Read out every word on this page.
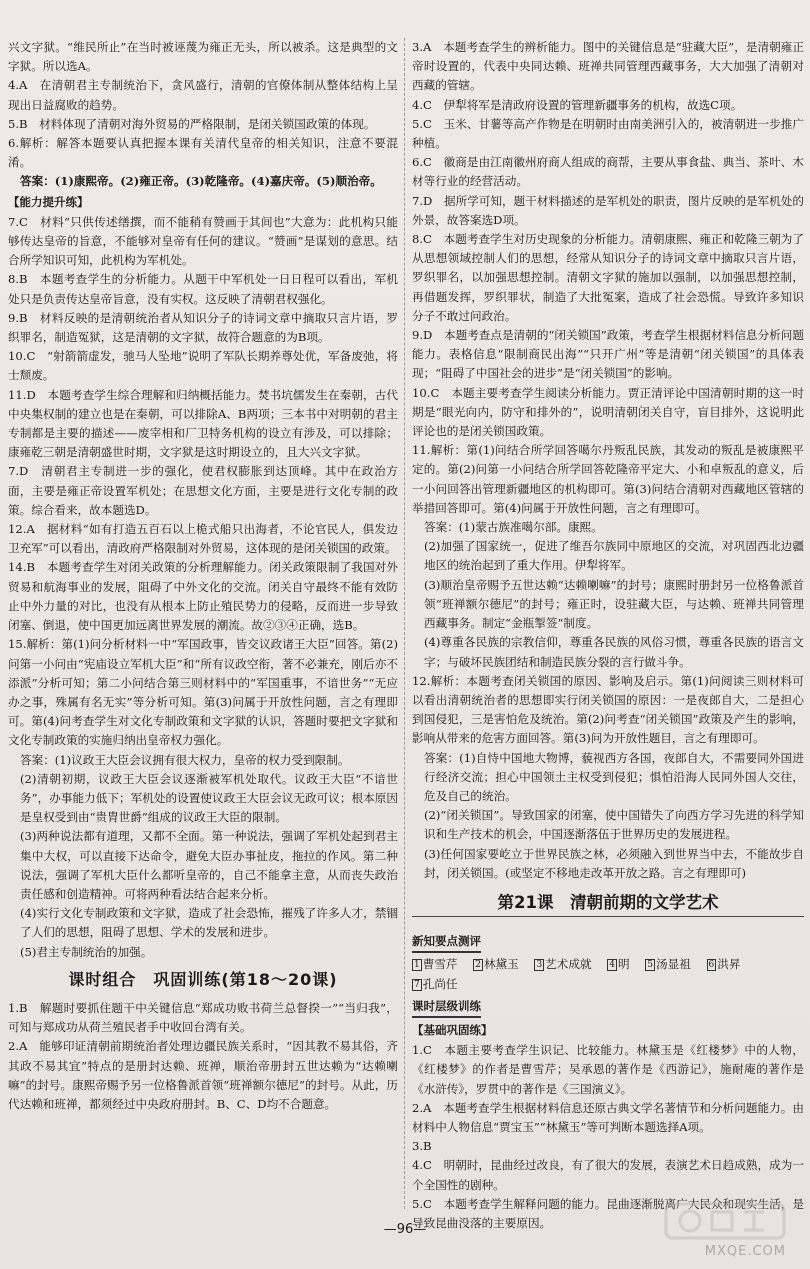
兴文字狱。“维民所止”在当时被诬蔑为雍正无头，所以被杀。这是典型的文字狱。所以选A。

4.A　在清朝君主专制统治下，贪风盛行，清朝的官僚体制从整体结构上呈现出日益腐败的趋势。

5.B　材料体现了清朝对海外贸易的严格限制，是闭关锁国政策的体现。

6.解析：解答本题要认真把握本课有关清代皇帝的相关知识，注意不要混淆。

答案：(1)康熙帝。(2)雍正帝。(3)乾隆帝。(4)嘉庆帝。(5)顺治帝。

【能力提升练】

7.C　材料“只供传述缮撰，而不能稍有赞画于其间也”大意为：此机构只能够传达皇帝的旨意，不能够对皇帝有任何的建议。“赞画”是谋划的意思。结合所学知识可知，此机构为军机处。

8.B　本题考查学生的分析能力。从题干中军机处一日日程可以看出，军机处只是负责传达皇帝旨意，没有实权。这反映了清朝君权强化。

9.B　材料反映的是清朝统治者从知识分子的诗词文章中摘取只言片语，罗织罪名，制造冤狱，这是清朝的文字狱，故符合题意的为B项。

10.C　“射箭箭虚发，驰马人坠地”说明了军队长期养尊处优，军备废弛，将士颓废。

11.D　本题考查学生综合理解和归纳概括能力。焚书坑儒发生在秦朝，古代中央集权制的建立也是在秦朝，可以排除A、B两项；三本书中对明朝的君主专制都是主要的描述——废宰相和厂卫特务机构的设立有涉及，可以排除；康雍乾三朝是清朝盛世时期，文字狱是这时期设立的，且大兴文字狱。

7.D　清朝君主专制进一步的强化，使君权膨胀到达顶峰。其中在政治方面，主要是雍正帝设置军机处；在思想文化方面，主要是进行文化专制的政策。综合看来，故本题选D。

12.A　据材料“如有打造五百石以上桅式船只出海者，不论官民人，俱发边卫充军”可以看出，清政府严格限制对外贸易，这体现的是闭关锁国的政策。

14.B　本题考查学生对闭关政策的分析理解能力。闭关政策限制了我国对外贸易和航海事业的发展，阻碍了中外文化的交流。闭关自守最终不能有效防止中外力量的对比，也没有从根本上防止殖民势力的侵略，反而进一步导致闭塞、倒退，使中国更加远离世界发展的潮流。故②③④正确，选B。

15.解析：第(1)问分析材料一中“军国政事，皆交议政诸王大臣”回答。第(2)问第一小问由“宪庙设立军机大臣”和“所有议政空衔，著不必兼充，刚后亦不添派”分析可知；第二小问结合第三则材料中的“军国重事，不谙世务”“无应办之事，殊属有名无实”等分析可知。第(3)问属于开放性问题，言之有理即可。第(4)问考查学生对文化专制政策和文字狱的认识，答题时要把文字狱和文化专制政策的实施归纳出皇帝权力强化。

答案：(1)议政王大臣会议拥有很大权力，皇帝的权力受到限制。

(2)清朝初期，议政王大臣会议逐渐被军机处取代。议政王大臣“不谙世务”，办事能力低下；军机处的设置使议政王大臣会议无政可议；根本原因是皇权受到由“贵胄世爵”组成的议政王大臣的限制。

(3)两种说法都有道理，又都不全面。第一种说法，强调了军机处起到君主集中大权，可以直接下达命令，避免大臣办事扯皮，拖拉的作风。第二种说法，强调了军机大臣什么都听皇帝的，自己不能拿主意，从而丧失政治责任感和创造精神。可将两种看法结合起来分析。

(4)实行文化专制政策和文字狱，造成了社会恐怖，摧残了许多人才，禁锢了人们的思想，阻碍了思想、学术的发展和进步。

(5)君主专制统治的加强。

课时组合　巩固训练(第18～20课)

1.B　解题时要抓住题干中关键信息“郑成功败书荷兰总督揆一”“当归我”，可知与郑成功从荷兰殖民者手中收回台湾有关。

2.A　能够印证清朝前期统治者处理边疆民族关系时，“因其教不易其俗，齐其政不易其宜”特点的是册封达赖、班禅，顺治帝册封五世达赖为“达赖喇嘛”的封号。康熙帝赐予另一位格鲁派首领“班禅额尔德尼”的封号。从此，历代达赖和班禅，都须经过中央政府册封。B、C、D均不合题意。

3.A　本题考查学生的辨析能力。图中的关键信息是“驻藏大臣”，是清朝雍正帝时设置的，代表中央同达赖、班禅共同管理西藏事务，大大加强了清朝对西藏的管辖。

4.C　伊犁将军是清政府设置的管理新疆事务的机构，故选C项。

5.C　玉米、甘薯等高产作物是在明朝时由南美洲引入的，被清朝进一步推广种植。

6.C　徽商是由江南徽州府商人组成的商帮，主要从事食盐、典当、茶叶、木材等行业的经营活动。

7.D　据所学可知，题干材料描述的是军机处的职责，图片反映的是军机处的外景，故答案选D项。

8.C　本题考查学生对历史现象的分析能力。清朝康熙、雍正和乾隆三朝为了从思想领域控制人们的思想，经常从知识分子的诗词文章中摘取只言片语，罗织罪名，以加强思想控制。清朝文字狱的施加以强制，以加强思想控制，再借题发挥，罗织罪状，制造了大批冤案，造成了社会恐慌。导致许多知识分子不敢过问政治。

9.D　本题考查点是清朝的“闭关锁国”政策，考查学生根据材料信息分析问题能力。表格信息“限制商民出海”“只开广州”等是清朝“闭关锁国”的具体表现；“阻碍了中国社会的进步”是“闭关锁国”的影响。

10.C　本题主要考查学生阅读分析能力。贾正清评论中国清朝时期的这一时期是“眼光向内，防守和排外的”，说明清朝闭关自守，盲目排外，这说明此评论也的是闭关锁国政策。

11.解析：第(1)问结合所学回答噶尔丹叛乱民族，其发动的叛乱是被康熙平定的。第(2)问第一小问结合所学回答乾隆帝平定大、小和卓叛乱的意义，后一小问回答出管理新疆地区的机构即可。第(3)问结合清朝对西藏地区管辖的举措回答即可。第(4)问属于开放性问题，言之有理即可。

答案：(1)蒙古族准噶尔部。康熙。

(2)加强了国家统一，促进了维吾尔族同中原地区的交流，对巩固西北边疆地区的统治起到了重大作用。伊犁将军。

(3)顺治皇帝赐予五世达赖“达赖喇嘛”的封号；康熙时册封另一位格鲁派首领“班禅额尔德尼”的封号；雍正时，设驻藏大臣，与达赖、班禅共同管理西藏事务。制定“金瓶掣签”制度。

(4)尊重各民族的宗教信仰，尊重各民族的风俗习惯，尊重各民族的语言文字；与破坏民族团结和制造民族分裂的言行做斗争。

12.解析：本题考查闭关锁国的原因、影响及启示。第(1)问阅读三则材料可以看出清朝统治者的思想即实行闭关锁国的原因：一是夜郎自大，二是担心到国侵犯，三是害怕危及统治。第(2)问考查“闭关锁国”政策及产生的影响，影响从带来的危害方面回答。第(3)问为开放性题目，言之有理即可。

答案：(1)自恃中国地大物博，藐视西方各国，夜郎自大，不需要同外国进行经济交流；担心中国领土主权受到侵犯；惧怕沿海人民同外国人交往，危及自己的统治。

(2)“闭关锁国”。导致国家的闭塞，使中国错失了向西方学习先进的科学知识和生产技术的机会，中国逐渐落伍于世界历史的发展进程。

(3)任何国家要屹立于世界民族之林，必须融入到世界当中去，不能故步自封，闭关锁国。(或坚定不移地走改革开放之路。言之有理即可)

第21课　清朝前期的文学艺术
新知要点测评
1 曹雪芹 2 林黛玉 3 艺术成就 4 明 5 汤显祖 6 洪昇 7 孔尚任
课时层级训练
【基础巩固练】

1.C　本题主要考查学生识记、比较能力。林黛玉是《红楼梦》中的人物，《红楼梦》的作者是曹雪芹；吴承恩的著作是《西游记》，施耐庵的著作是《水浒传》，罗贯中的著作是《三国演义》。

2.A　本题考查学生根据材料信息还原古典文学名著情节和分析问题能力。由材料中人物信息“贾宝玉”“林黛玉”等可判断本题选择A项。

3.B

4.C　明朝时，昆曲经过改良，有了很大的发展，表演艺术日趋成熟，成为一个全国性的剧种。

5.C　本题考查学生解释问题的能力。昆曲逐渐脱离广大民众和现实生活，是导致昆曲没落的主要原因。

—96—
MXQE.COM
